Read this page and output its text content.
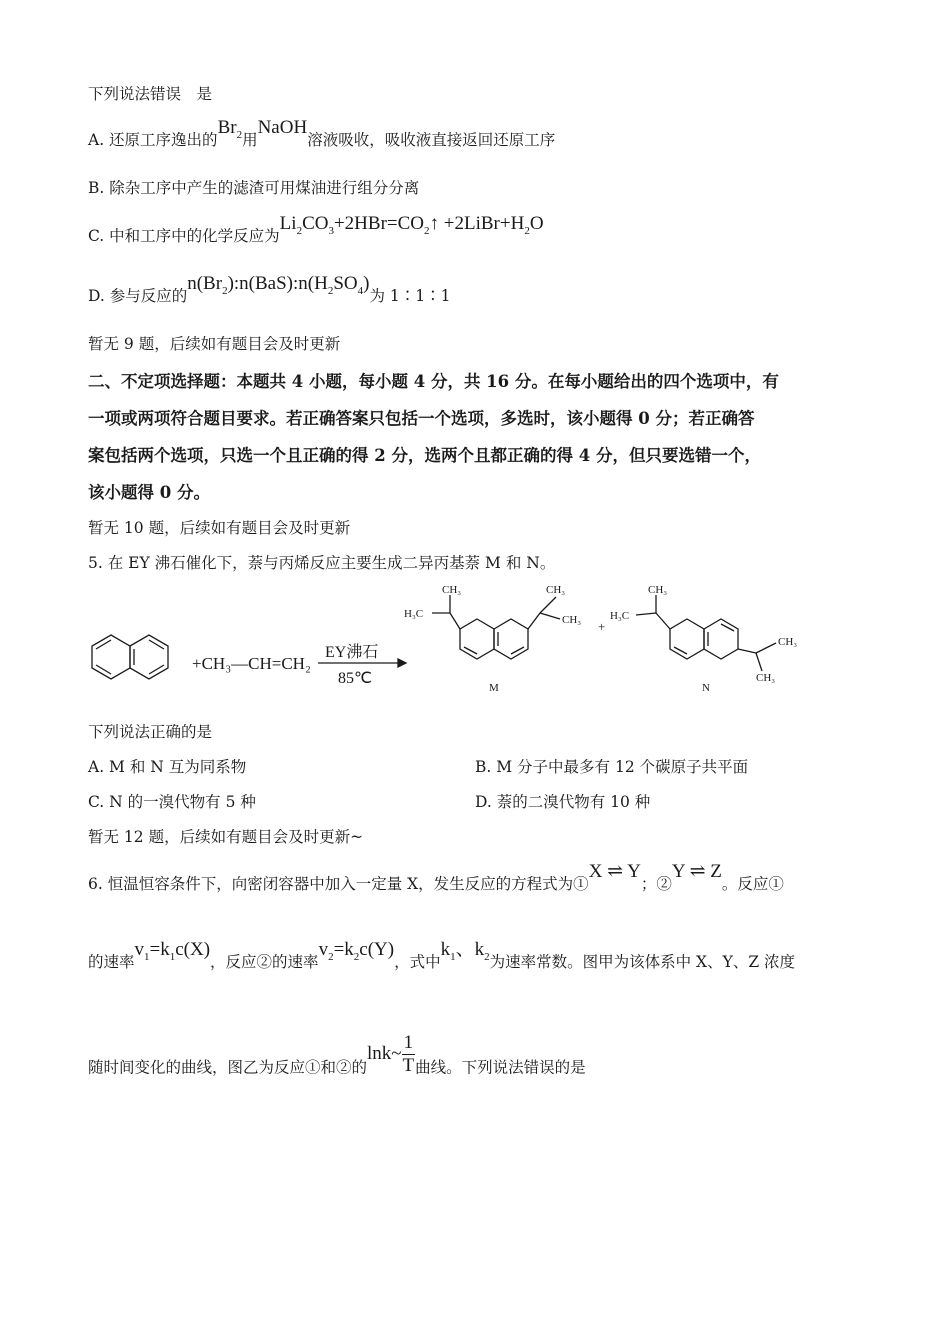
下列说法错误　是
A. 还原工序逸出的$Br_2$用NaOH溶液吸收，吸收液直接返回还原工序
B. 除杂工序中产生的滤渣可用煤油进行组分分离
C. 中和工序中的化学反应为$Li_2CO_3+2HBr=CO_2↑$ $+2LiBr+H_2O$
D. 参与反应的$n(Br_2):n(BaS):n(H_2SO_4)$为 1∶1∶1
暂无 9 题，后续如有题目会及时更新
二、不定项选择题：本题共 4 小题，每小题 4 分，共 16 分。在每小题给出的四个选项中，有
一项或两项符合题目要求。若正确答案只包括一个选项，多选时，该小题得 0 分；若正确答
案包括两个选项，只选一个且正确的得 2 分，选两个且都正确的得 4 分，但只要选错一个，
该小题得 0 分。
暂无 10 题，后续如有题目会及时更新
5. 在 EY 沸石催化下，萘与丙烯反应主要生成二异丙基萘 M 和 N。
+CH₃—CH=CH₂
EY沸石
85℃
CH₃
H₃C
CH₃
CH₃ +
CH₃
H₃C
CH₃
CH₃
M	N
下列说法正确的是
A. M 和 N 互为同系物	B. M 分子中最多有 12 个碳原子共平面
C. N 的一溴代物有 5 种	D. 萘的二溴代物有 10 种
暂无 12 题，后续如有题目会及时更新~
6. 恒温恒容条件下，向密闭容器中加入一定量 X，发生反应的方程式为①X ⇌ Y；②Y ⇌ Z。反应①
的速率$v_1=k_1c(X)$，反应②的速率$v_2=k_2c(Y)$，式中$k_1$、$k_2$为速率常数。图甲为该体系中 X、Y、Z 浓度
随时间变化的曲线，图乙为反应①和②的lnk~ $\frac{1}{T}$ 曲线。下列说法错误的是
